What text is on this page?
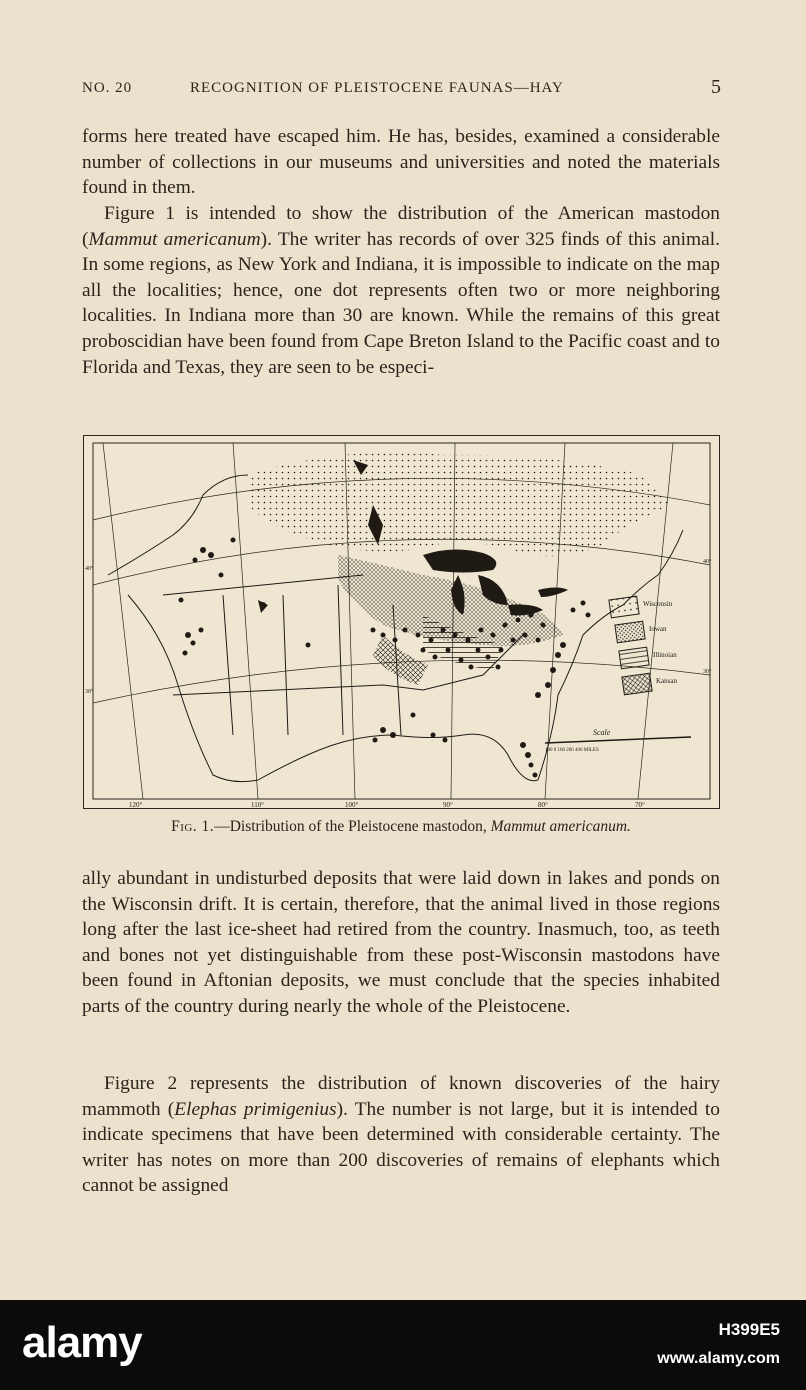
NO. 20	RECOGNITION OF PLEISTOCENE FAUNAS—HAY	5

forms here treated have escaped him. He has, besides, examined a considerable number of collections in our museums and universities and noted the materials found in them.

Figure 1 is intended to show the distribution of the American mastodon (Mammut americanum). The writer has records of over 325 finds of this animal. In some regions, as New York and Indiana, it is impossible to indicate on the map all the localities; hence, one dot represents often two or more neighboring localities. In Indiana more than 30 are known. While the remains of this great proboscidian have been found from Cape Breton Island to the Pacific coast and to Florida and Texas, they are seen to be especi-

Wisconsin
Iowan
Illinoian
Kansan
Scale
100 0 100 200 400 MILES
120°	110°	100°	90°	80°	70°
40°
30°
40°
30°
Fig. 1.—Distribution of the Pleistocene mastodon, Mammut americanum.

ally abundant in undisturbed deposits that were laid down in lakes and ponds on the Wisconsin drift. It is certain, therefore, that the animal lived in those regions long after the last ice-sheet had retired from the country. Inasmuch, too, as teeth and bones not yet distinguishable from these post-Wisconsin mastodons have been found in Aftonian deposits, we must conclude that the species inhabited parts of the country during nearly the whole of the Pleistocene.

Figure 2 represents the distribution of known discoveries of the hairy mammoth (Elephas primigenius). The number is not large, but it is intended to indicate specimens that have been determined with considerable certainty. The writer has notes on more than 200 discoveries of remains of elephants which cannot be assigned

alamy	H399E5
www.alamy.com
